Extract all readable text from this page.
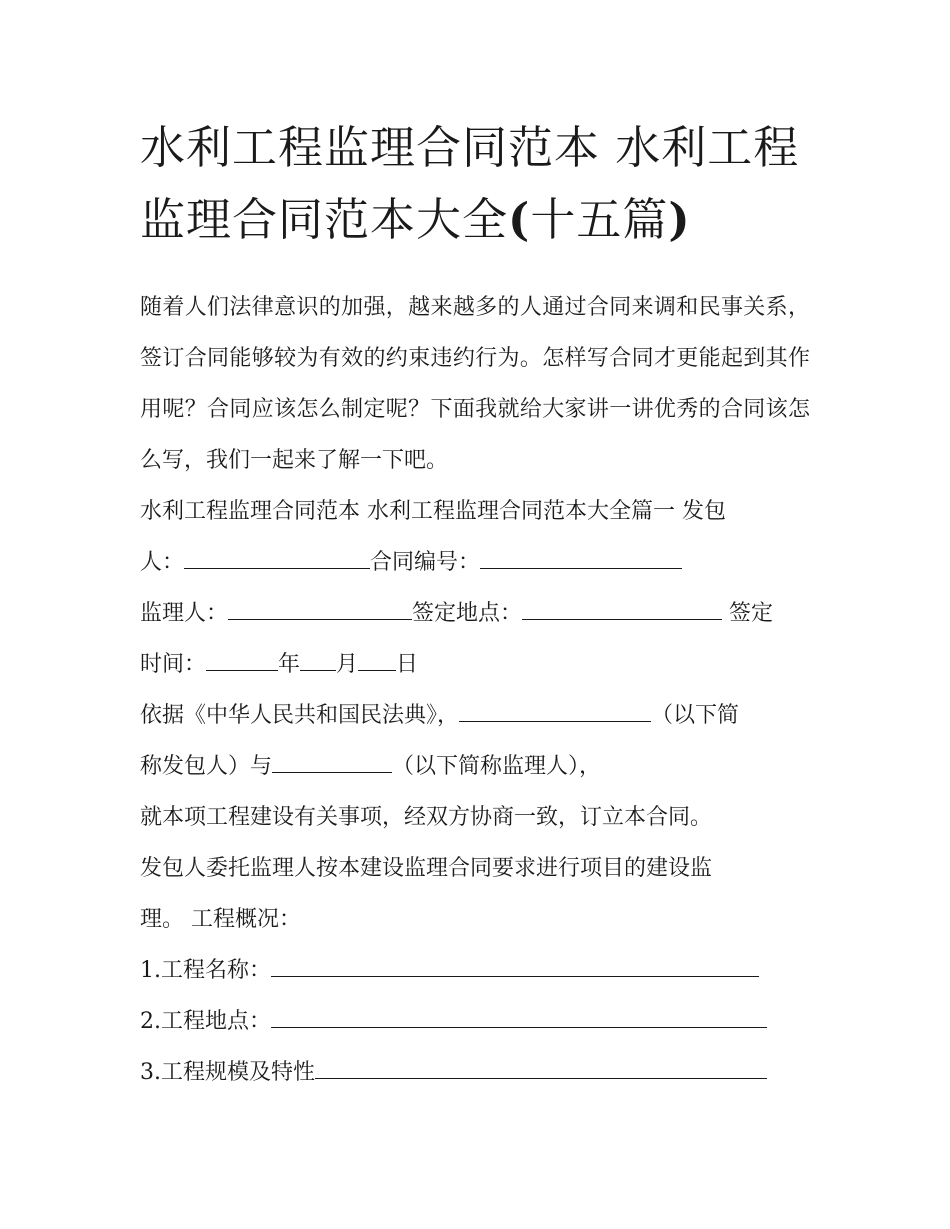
水利工程监理合同范本 水利工程监理合同范本大全(十五篇)

随着人们法律意识的加强，越来越多的人通过合同来调和民事关系，签订合同能够较为有效的约束违约行为。怎样写合同才更能起到其作用呢？合同应该怎么制定呢？下面我就给大家讲一讲优秀的合同该怎么写，我们一起来了解一下吧。

水利工程监理合同范本 水利工程监理合同范本大全篇一 发包

人：	合同编号：

监理人：	签定地点：	签定

时间：	年 月 日

依据《中华人民共和国民法典》，	（以下简

称发包人）与	（以下简称监理人），

就本项工程建设有关事项，经双方协商一致，订立本合同。

发包人委托监理人按本建设监理合同要求进行项目的建设监

理。 工程概况：

1.工程名称：

2.工程地点：

3.工程规模及特性
